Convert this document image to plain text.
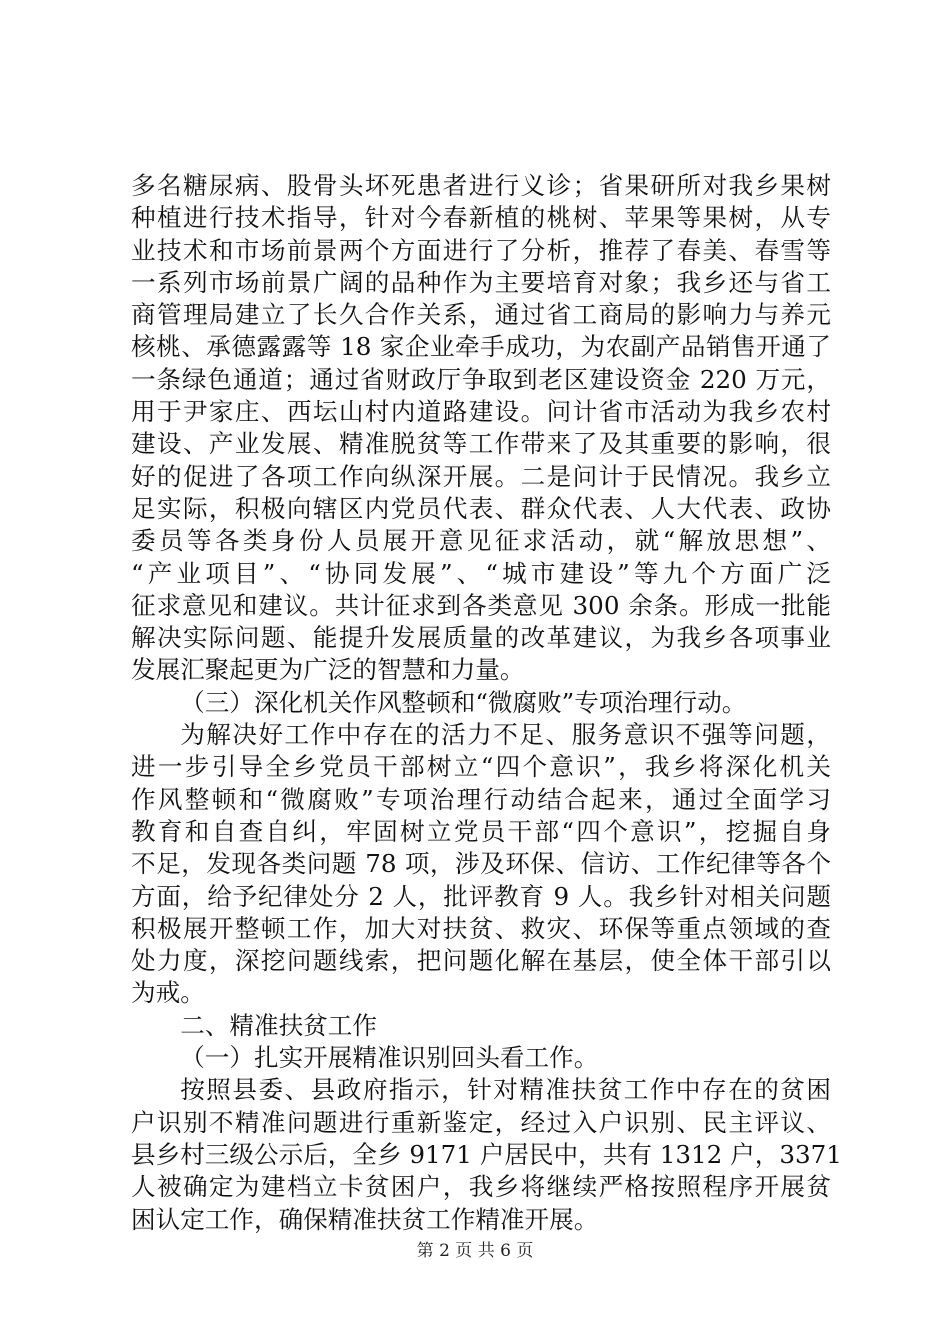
多名糖尿病、股骨头坏死患者进行义诊；省果研所对我乡果树
种植进行技术指导，针对今春新植的桃树、苹果等果树，从专
业技术和市场前景两个方面进行了分析，推荐了春美、春雪等
一系列市场前景广阔的品种作为主要培育对象；我乡还与省工
商管理局建立了长久合作关系，通过省工商局的影响力与养元
核桃、承德露露等 18 家企业牵手成功，为农副产品销售开通了
一条绿色通道；通过省财政厅争取到老区建设资金 220 万元，
用于尹家庄、西坛山村内道路建设。问计省市活动为我乡农村
建设、产业发展、精准脱贫等工作带来了及其重要的影响，很
好的促进了各项工作向纵深开展。二是问计于民情况。我乡立
足实际，积极向辖区内党员代表、群众代表、人大代表、政协
委员等各类身份人员展开意见征求活动，就“解放思想”、
“产业项目”、“协同发展”、“城市建设”等九个方面广泛
征求意见和建议。共计征求到各类意见 300 余条。形成一批能
解决实际问题、能提升发展质量的改革建议，为我乡各项事业
发展汇聚起更为广泛的智慧和力量。
（三）深化机关作风整顿和“微腐败”专项治理行动。
为解决好工作中存在的活力不足、服务意识不强等问题，
进一步引导全乡党员干部树立“四个意识”，我乡将深化机关
作风整顿和“微腐败”专项治理行动结合起来，通过全面学习
教育和自查自纠，牢固树立党员干部“四个意识”，挖掘自身
不足，发现各类问题 78 项，涉及环保、信访、工作纪律等各个
方面，给予纪律处分 2 人，批评教育 9 人。我乡针对相关问题
积极展开整顿工作，加大对扶贫、救灾、环保等重点领域的查
处力度，深挖问题线索，把问题化解在基层，使全体干部引以
为戒。
二、精准扶贫工作
（一）扎实开展精准识别回头看工作。
按照县委、县政府指示，针对精准扶贫工作中存在的贫困
户识别不精准问题进行重新鉴定，经过入户识别、民主评议、
县乡村三级公示后，全乡 9171 户居民中，共有 1312 户，3371
人被确定为建档立卡贫困户，我乡将继续严格按照程序开展贫
困认定工作，确保精准扶贫工作精准开展。
第 2 页 共 6 页
